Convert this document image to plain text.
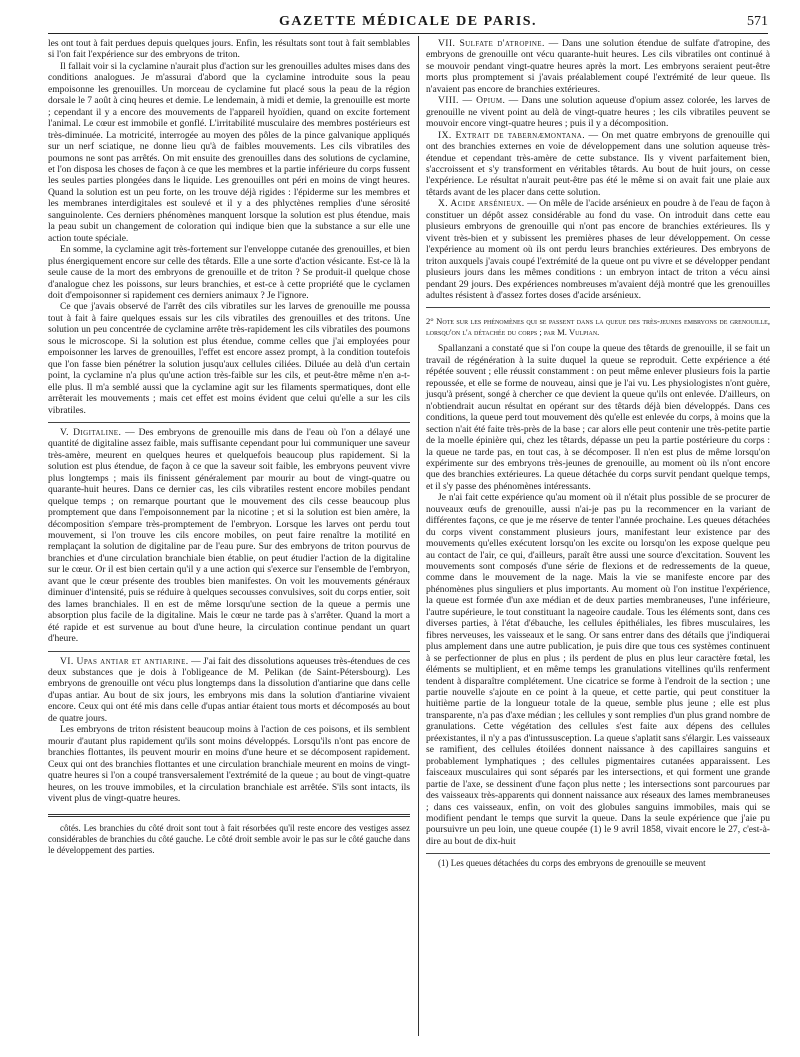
GAZETTE MÉDICALE DE PARIS.	571

les ont tout à fait perdues depuis quelques jours. Enfin, les résultats sont tout à fait semblables si l'on fait l'expérience sur des embryons de triton.

Il fallait voir si la cyclamine n'aurait plus d'action sur les grenouilles adultes mises dans des conditions analogues. Je m'assurai d'abord que la cyclamine introduite sous la peau empoisonne les grenouilles. Un morceau de cyclamine fut placé sous la peau de la région dorsale le 7 août à cinq heures et demie. Le lendemain, à midi et demie, la grenouille est morte ; cependant il y a encore des mouvements de l'appareil hyoïdien, quand on excite fortement l'animal. Le cœur est immobile et gonflé. L'irritabilité musculaire des membres postérieurs est très-diminuée. La motricité, interrogée au moyen des pôles de la pince galvanique appliqués sur un nerf sciatique, ne donne lieu qu'à de faibles mouvements. Les cils vibratiles des poumons ne sont pas arrêtés. On mit ensuite des grenouilles dans des solutions de cyclamine, et l'on disposa les choses de façon à ce que les membres et la partie inférieure du corps fussent les seules parties plongées dans le liquide. Les grenouilles ont péri en moins de vingt heures. Quand la solution est un peu forte, on les trouve déjà rigides : l'épiderme sur les membres et les membranes interdigitales est soulevé et il y a des phlyctènes remplies d'une sérosité sanguinolente. Ces derniers phénomènes manquent lorsque la solution est plus étendue, mais la peau subit un changement de coloration qui indique bien que la substance a sur elle une action toute spéciale.

En somme, la cyclamine agit très-fortement sur l'enveloppe cutanée des grenouilles, et bien plus énergiquement encore sur celle des têtards. Elle a une sorte d'action vésicante. Est-ce là la seule cause de la mort des embryons de grenouille et de triton ? Se produit-il quelque chose d'analogue chez les poissons, sur leurs branchies, et est-ce à cette propriété que le cyclamen doit d'empoisonner si rapidement ces derniers animaux ? Je l'ignore.

Ce que j'avais observé de l'arrêt des cils vibratiles sur les larves de grenouille me poussa tout à fait à faire quelques essais sur les cils vibratiles des grenouilles et des tritons. Une solution un peu concentrée de cyclamine arrête très-rapidement les cils vibratiles des poumons sous le microscope. Si la solution est plus étendue, comme celles que j'ai employées pour empoisonner les larves de grenouilles, l'effet est encore assez prompt, à la condition toutefois que l'on fasse bien pénétrer la solution jusqu'aux cellules ciliées. Diluée au delà d'un certain point, la cyclamine n'a plus qu'une action très-faible sur les cils, et peut-être même n'en a-t-elle plus. Il m'a semblé aussi que la cyclamine agit sur les filaments spermatiques, dont elle arrêterait les mouvements ; mais cet effet est moins évident que celui qu'elle a sur les cils vibratiles.

V. Digitaline. — Des embryons de grenouille mis dans de l'eau où l'on a délayé une quantité de digitaline assez faible, mais suffisante cependant pour lui communiquer une saveur très-amère, meurent en quelques heures et quelquefois beaucoup plus rapidement. Si la solution est plus étendue, de façon à ce que la saveur soit faible, les embryons peuvent vivre plus longtemps ; mais ils finissent généralement par mourir au bout de vingt-quatre ou quarante-huit heures. Dans ce dernier cas, les cils vibratiles restent encore mobiles pendant quelque temps ; on remarque pourtant que le mouvement des cils cesse beaucoup plus promptement que dans l'empoisonnement par la nicotine ; et si la solution est bien amère, la décomposition s'empare très-promptement de l'embryon. Lorsque les larves ont perdu tout mouvement, si l'on trouve les cils encore mobiles, on peut faire renaître la motilité en remplaçant la solution de digitaline par de l'eau pure. Sur des embryons de triton pourvus de branchies et d'une circulation branchiale bien établie, on peut étudier l'action de la digitaline sur le cœur. Or il est bien certain qu'il y a une action qui s'exerce sur l'ensemble de l'embryon, avant que le cœur présente des troubles bien manifestes. On voit les mouvements généraux diminuer d'intensité, puis se réduire à quelques secousses convulsives, soit du corps entier, soit des lames branchiales. Il en est de même lorsqu'une section de la queue a permis une absorption plus facile de la digitaline. Mais le cœur ne tarde pas à s'arrêter. Quand la mort a été rapide et est survenue au bout d'une heure, la circulation continue pendant un quart d'heure.

VI. Upas antiar et antiarine. — J'ai fait des dissolutions aqueuses très-étendues de ces deux substances que je dois à l'obligeance de M. Pelikan (de Saint-Pétersbourg). Les embryons de grenouille ont vécu plus longtemps dans la dissolution d'antiarine que dans celle d'upas antiar. Au bout de six jours, les embryons mis dans la solution d'antiarine vivaient encore. Ceux qui ont été mis dans celle d'upas antiar étaient tous morts et décomposés au bout de quatre jours.

Les embryons de triton résistent beaucoup moins à l'action de ces poisons, et ils semblent mourir d'autant plus rapidement qu'ils sont moins développés. Lorsqu'ils n'ont pas encore de branchies flottantes, ils peuvent mourir en moins d'une heure et se décomposent rapidement. Ceux qui ont des branchies flottantes et une circulation branchiale meurent en moins de vingt-quatre heures si l'on a coupé transversalement l'extrémité de la queue ; au bout de vingt-quatre heures, on les trouve immobiles, et la circulation branchiale est arrêtée. S'ils sont intacts, ils vivent plus de vingt-quatre heures.

côtés. Les branchies du côté droit sont tout à fait résorbées qu'il reste encore des vestiges assez considérables de branchies du côté gauche. Le côté droit semble avoir le pas sur le côté gauche dans le développement des parties.

VII. Sulfate d'atropine. — Dans une solution étendue de sulfate d'atropine, des embryons de grenouille ont vécu quarante-huit heures. Les cils vibratiles ont continué à se mouvoir pendant vingt-quatre heures après la mort. Les embryons seraient peut-être morts plus promptement si j'avais préalablement coupé l'extrémité de leur queue. Ils n'avaient pas encore de branchies extérieures.

VIII. — Opium. — Dans une solution aqueuse d'opium assez colorée, les larves de grenouille ne vivent point au delà de vingt-quatre heures ; les cils vibratiles peuvent se mouvoir encore vingt-quatre heures ; puis il y a décomposition.

IX. Extrait de tabernæmontana. — On met quatre embryons de grenouille qui ont des branchies externes en voie de développement dans une solution aqueuse très-étendue et cependant très-amère de cette substance. Ils y vivent parfaitement bien, s'accroissent et s'y transforment en véritables têtards. Au bout de huit jours, on cesse l'expérience. Le résultat n'aurait peut-être pas été le même si on avait fait une plaie aux têtards avant de les placer dans cette solution.

X. Acide arsénieux. — On mêle de l'acide arsénieux en poudre à de l'eau de façon à constituer un dépôt assez considérable au fond du vase. On introduit dans cette eau plusieurs embryons de grenouille qui n'ont pas encore de branchies extérieures. Ils y vivent très-bien et y subissent les premières phases de leur développement. On cesse l'expérience au moment où ils ont perdu leurs branchies extérieures. Des embryons de triton auxquels j'avais coupé l'extrémité de la queue ont pu vivre et se développer pendant plusieurs jours dans les mêmes conditions : un embryon intact de triton a vécu ainsi pendant 29 jours. Des expériences nombreuses m'avaient déjà montré que les grenouilles adultes résistent à d'assez fortes doses d'acide arsénieux.

2° Note sur les phénomènes qui se passent dans la queue des très-jeunes embryons de grenouille, lorsqu'on l'a détachée du corps ; par M. Vulpian.

Spallanzani a constaté que si l'on coupe la queue des têtards de grenouille, il se fait un travail de régénération à la suite duquel la queue se reproduit. Cette expérience a été répétée souvent ; elle réussit constamment : on peut même enlever plusieurs fois la partie repoussée, et elle se forme de nouveau, ainsi que je l'ai vu. Les physiologistes n'ont guère, jusqu'à présent, songé à chercher ce que devient la queue qu'ils ont enlevée. D'ailleurs, on n'obtiendrait aucun résultat en opérant sur des têtards déjà bien développés. Dans ces conditions, la queue perd tout mouvement dès qu'elle est enlevée du corps, à moins que la section n'ait été faite très-près de la base ; car alors elle peut contenir une très-petite partie de la moelle épinière qui, chez les têtards, dépasse un peu la partie postérieure du corps : la queue ne tarde pas, en tout cas, à se décomposer. Il n'en est plus de même lorsqu'on expérimente sur des embryons très-jeunes de grenouille, au moment où ils n'ont encore que des branchies extérieures. La queue détachée du corps survit pendant quelque temps, et il s'y passe des phénomènes intéressants.

Je n'ai fait cette expérience qu'au moment où il n'était plus possible de se procurer de nouveaux œufs de grenouille, aussi n'ai-je pas pu la recommencer en la variant de différentes façons, ce que je me réserve de tenter l'année prochaine. Les queues détachées du corps vivent constamment plusieurs jours, manifestant leur existence par des mouvements qu'elles exécutent lorsqu'on les excite ou lorsqu'on les expose quelque peu au contact de l'air, ce qui, d'ailleurs, paraît être aussi une source d'excitation. Souvent les mouvements sont composés d'une série de flexions et de redressements de la queue, comme dans le mouvement de la nage. Mais la vie se manifeste encore par des phénomènes plus singuliers et plus importants. Au moment où l'on institue l'expérience, la queue est formée d'un axe médian et de deux parties membraneuses, l'une inférieure, l'autre supérieure, le tout constituant la nageoire caudale. Tous les éléments sont, dans ces diverses parties, à l'état d'ébauche, les cellules épithéliales, les fibres musculaires, les fibres nerveuses, les vaisseaux et le sang. Or sans entrer dans des détails que j'indiquerai plus amplement dans une autre publication, je puis dire que tous ces systèmes continuent à se perfectionner de plus en plus ; ils perdent de plus en plus leur caractère fœtal, les éléments se multiplient, et en même temps les granulations vitellines qu'ils renferment tendent à disparaître complétement. Une cicatrice se forme à l'endroit de la section ; une partie nouvelle s'ajoute en ce point à la queue, et cette partie, qui peut constituer la huitième partie de la longueur totale de la queue, semble plus jeune ; elle est plus transparente, n'a pas d'axe médian ; les cellules y sont remplies d'un plus grand nombre de granulations. Cette végétation des cellules s'est faite aux dépens des cellules préexistantes, il n'y a pas d'intussusception. La queue s'aplatit sans s'élargir. Les vaisseaux se ramifient, des cellules étoilées donnent naissance à des capillaires sanguins et probablement lymphatiques ; des cellules pigmentaires cutanées apparaissent. Les faisceaux musculaires qui sont séparés par les intersections, et qui forment une grande partie de l'axe, se dessinent d'une façon plus nette ; les intersections sont parcourues par des vaisseaux très-apparents qui donnent naissance aux réseaux des lames membraneuses ; dans ces vaisseaux, enfin, on voit des globules sanguins immobiles, mais qui se modifient pendant le temps que survit la queue. Dans la seule expérience que j'aie pu poursuivre un peu loin, une queue coupée (1) le 9 avril 1858, vivait encore le 27, c'est-à-dire au bout de dix-huit

(1) Les queues détachées du corps des embryons de grenouille se meuvent
